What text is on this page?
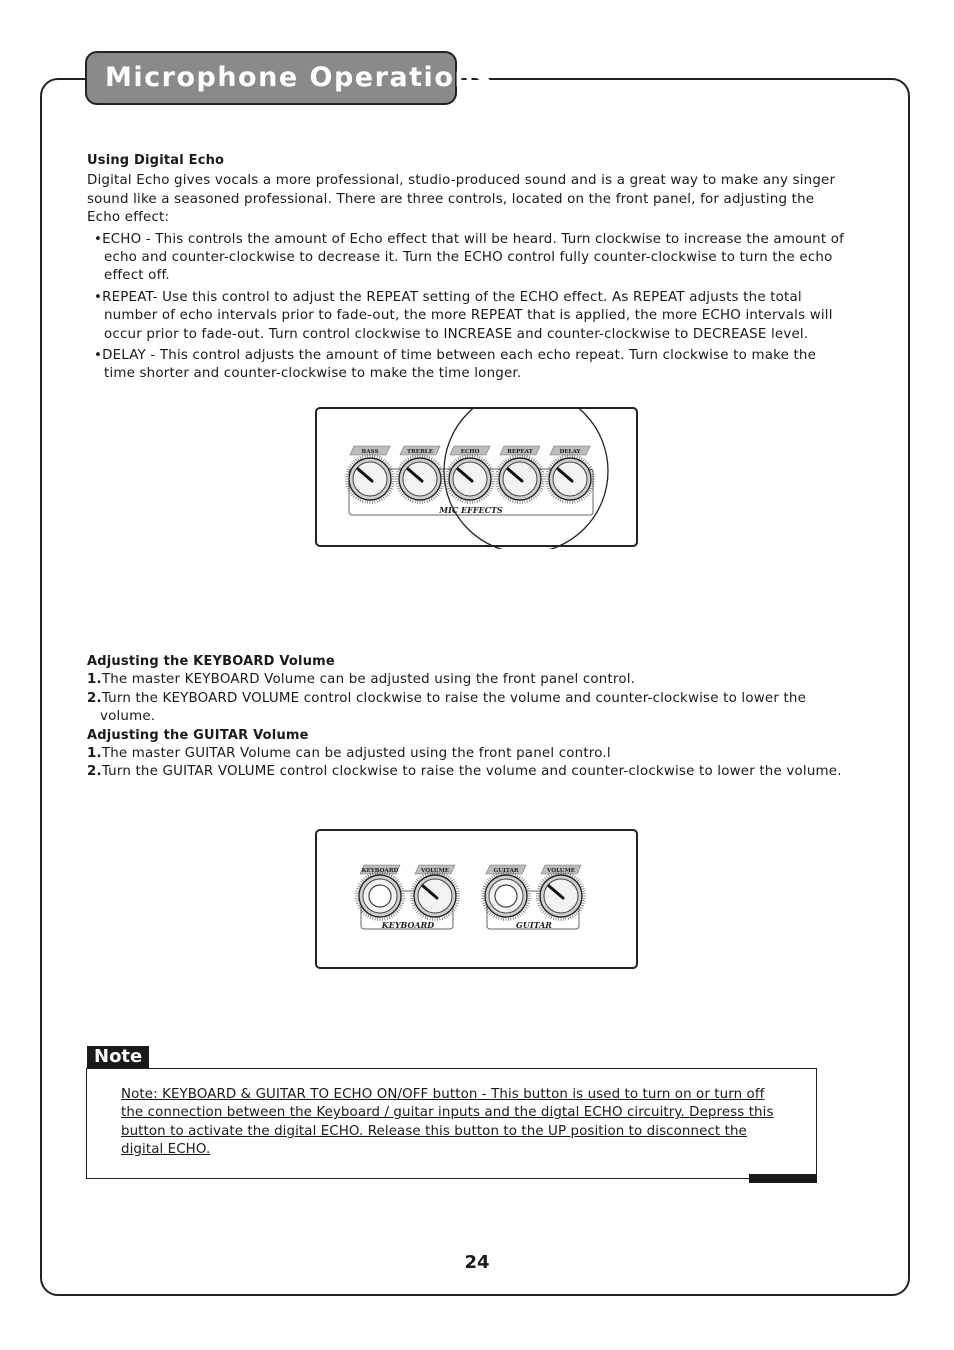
Microphone Operations

Using Digital Echo

Digital Echo gives vocals a more professional, studio-produced sound and is a great way to make any singer sound like a seasoned professional. There are three controls, located on the front panel, for adjusting the Echo effect:

•ECHO - This controls the amount of Echo effect that will be heard. Turn clockwise to increase the amount of echo and counter-clockwise to decrease it. Turn the ECHO control fully counter-clockwise to turn the echo effect off.

•REPEAT- Use this control to adjust the REPEAT setting of the ECHO effect. As REPEAT adjusts the total number of echo intervals prior to fade-out, the more REPEAT that is applied, the more ECHO intervals will occur prior to fade-out. Turn control clockwise to INCREASE and counter-clockwise to DECREASE level.

•DELAY - This control adjusts the amount of time between each echo repeat. Turn clockwise to make the time shorter and counter-clockwise to make the time longer.

BASS	TREBLE	ECHO	REPEAT	DELAY
MIC EFFECTS

Adjusting the KEYBOARD Volume

1.The master KEYBOARD Volume can be adjusted using the front panel control.

2.Turn the KEYBOARD VOLUME control clockwise to raise the volume and counter-clockwise to lower the volume.

Adjusting the GUITAR Volume

1.The master GUITAR Volume can be adjusted using the front panel contro.l

2.Turn the GUITAR VOLUME control clockwise to raise the volume and counter-clockwise to lower the volume.

KEYBOARD	VOLUME	GUITAR	VOLUME
KEYBOARD	GUITAR
Note
Note: KEYBOARD & GUITAR TO ECHO ON/OFF button - This button is used to turn on or turn off the connection between the Keyboard / guitar inputs and the digtal ECHO circuitry. Depress this button to activate the digital ECHO. Release this button to the UP position to disconnect the digital ECHO.
24
